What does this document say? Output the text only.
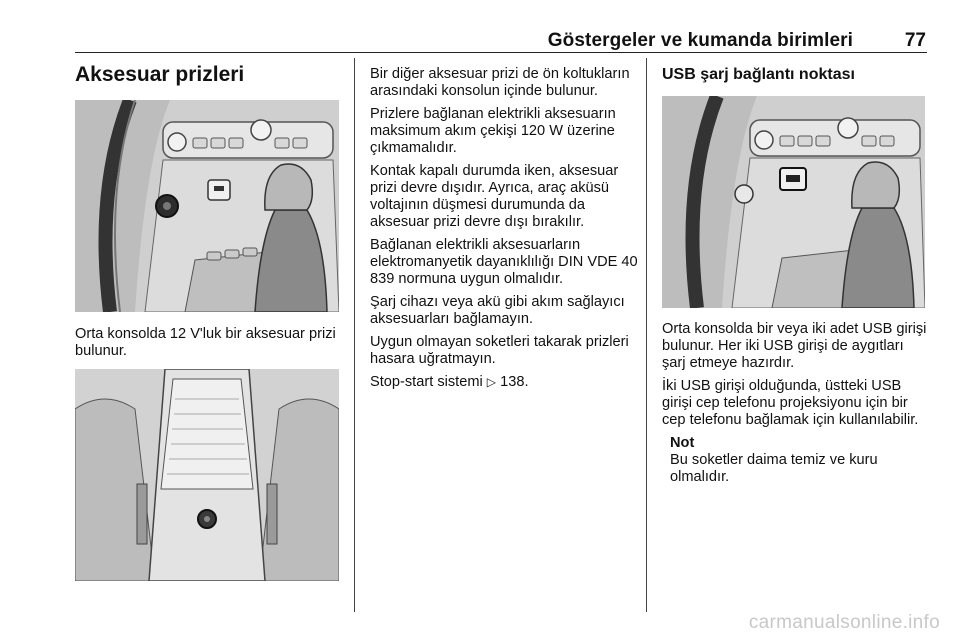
Göstergeler ve kumanda birimleri	77
Aksesuar prizleri

Orta konsolda 12 V'luk bir aksesuar prizi bulunur.

Bir diğer aksesuar prizi de ön koltukların arasındaki konsolun içinde bulunur.

Prizlere bağlanan elektrikli aksesuarın maksimum akım çekişi 120 W üzerine çıkmamalıdır.

Kontak kapalı durumda iken, aksesuar prizi devre dışıdır. Ayrıca, araç aküsü voltajının düşmesi durumunda da aksesuar prizi devre dışı bırakılır.

Bağlanan elektrikli aksesuarların elektromanyetik dayanıklılığı DIN VDE 40 839 normuna uygun olmalıdır.

Şarj cihazı veya akü gibi akım sağlayıcı aksesuarları bağlamayın.

Uygun olmayan soketleri takarak prizleri hasara uğratmayın.

Stop-start sistemi ▷ 138.

USB şarj bağlantı noktası

Orta konsolda bir veya iki adet USB girişi bulunur. Her iki USB girişi de aygıtları şarj etmeye hazırdır.

İki USB girişi olduğunda, üstteki USB girişi cep telefonu projeksiyonu için bir cep telefonu bağlamak için kullanılabilir.

Not
Bu soketler daima temiz ve kuru olmalıdır.
carmanualsonline.info
